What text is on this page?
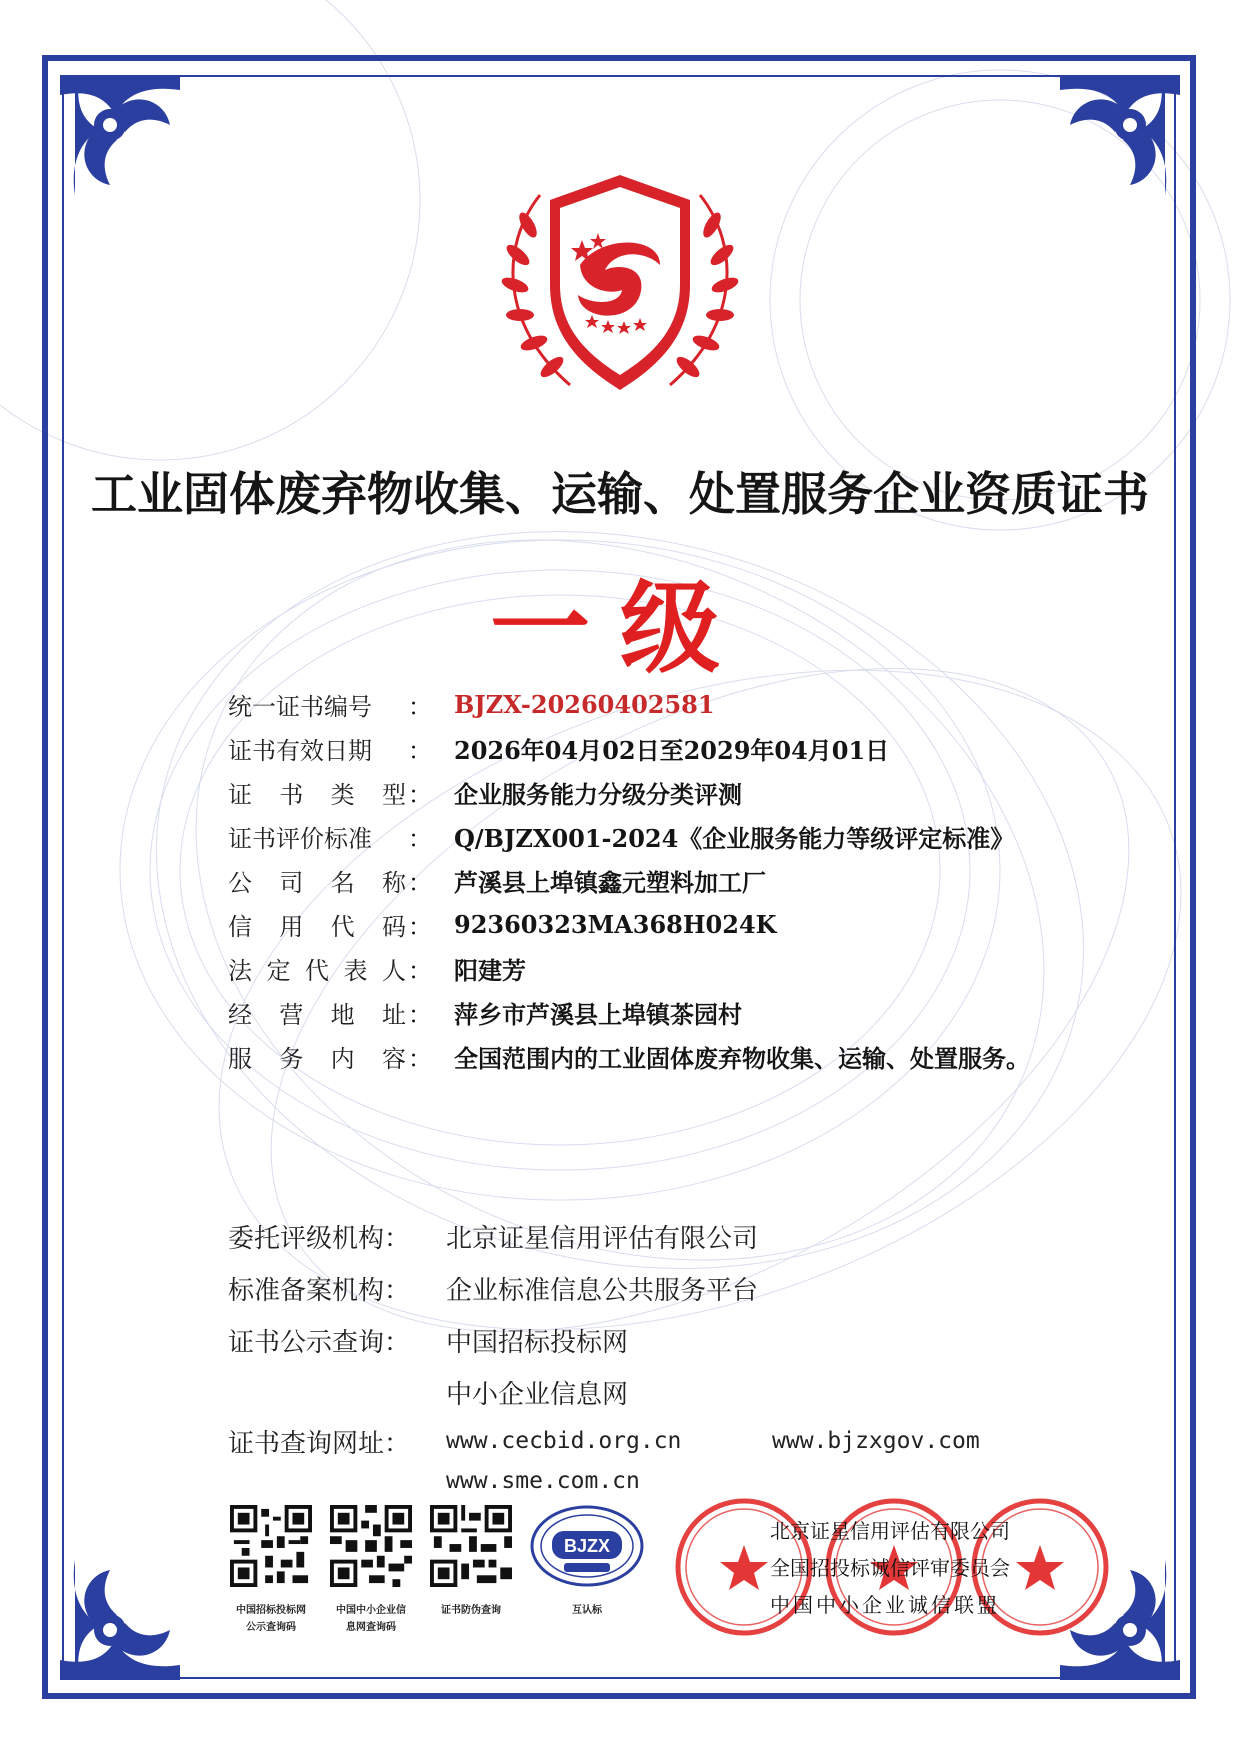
工业固体废弃物收集、运输、处置服务企业资质证书
一级
统一证书编号 ： BJZX-20260402581
证书有效日期 ： 2026年04月02日至2029年04月01日
证 书 类 型 ： 企业服务能力分级分类评测
证书评价标准 ： Q/BJZX001-2024《企业服务能力等级评定标准》
公 司 名 称 ： 芦溪县上埠镇鑫元塑料加工厂
信 用 代 码 ： 92360323MA368H024K
法 定 代 表 人 ： 阳建芳
经 营 地 址 ： 萍乡市芦溪县上埠镇茶园村
服 务 内 容 ： 全国范围内的工业固体废弃物收集、运输、处置服务。
委托评级机构：	北京证星信用评估有限公司
标准备案机构：	企业标准信息公共服务平台
证书公示查询：	中国招标投标网
中小企业信息网
证书查询网址：	www.cecbid.org.cn	www.bjzxgov.com
www.sme.com.cn
中国招标投标网
公示查询码
中国中小企业信
息网查询码
证书防伪查询
BJZX
互认标
北京证星信用评估有限公司
全国招投标诚信评审委员会
中国中小企业诚信联盟
